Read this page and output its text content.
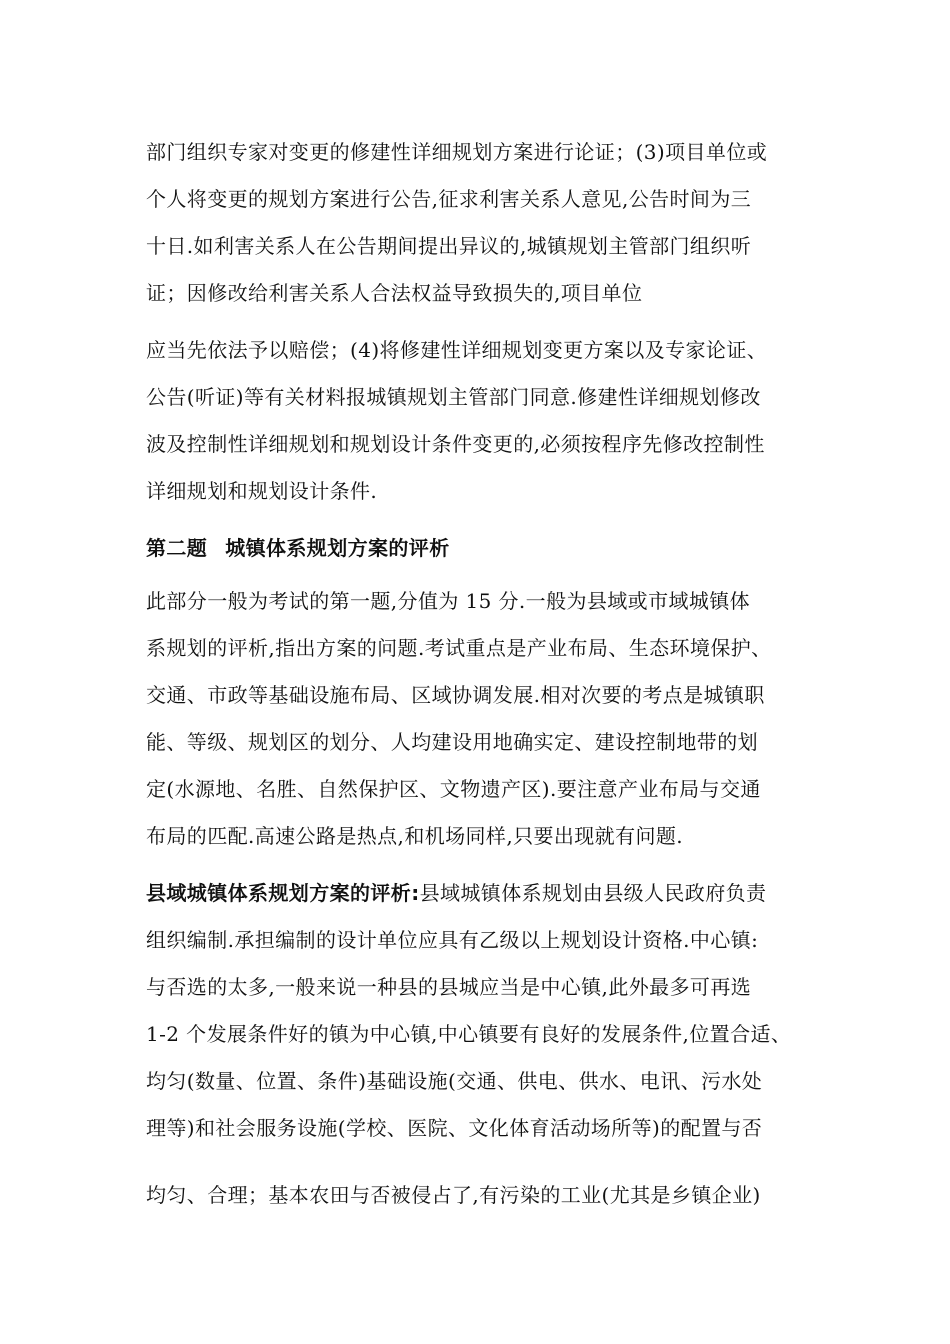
部门组织专家对变更的修建性详细规划方案进行论证；(3)项目单位或
个人将变更的规划方案进行公告,征求利害关系人意见,公告时间为三
十日.如利害关系人在公告期间提出异议的,城镇规划主管部门组织听
证；因修改给利害关系人合法权益导致损失的,项目单位
应当先依法予以赔偿；(4)将修建性详细规划变更方案以及专家论证、
公告(听证)等有关材料报城镇规划主管部门同意.修建性详细规划修改
波及控制性详细规划和规划设计条件变更的,必须按程序先修改控制性
详细规划和规划设计条件.
第二题 城镇体系规划方案的评析
此部分一般为考试的第一题,分值为 15 分.一般为县域或市域城镇体
系规划的评析,指出方案的问题.考试重点是产业布局、生态环境保护、
交通、市政等基础设施布局、区域协调发展.相对次要的考点是城镇职
能、等级、规划区的划分、人均建设用地确实定、建设控制地带的划
定(水源地、名胜、自然保护区、文物遗产区).要注意产业布局与交通
布局的匹配.高速公路是热点,和机场同样,只要出现就有问题.
县域城镇体系规划方案的评析:县域城镇体系规划由县级人民政府负责
组织编制.承担编制的设计单位应具有乙级以上规划设计资格.中心镇:
与否选的太多,一般来说一种县的县城应当是中心镇,此外最多可再选
1-2 个发展条件好的镇为中心镇,中心镇要有良好的发展条件,位置合适、
均匀(数量、位置、条件)基础设施(交通、供电、供水、电讯、污水处
理等)和社会服务设施(学校、医院、文化体育活动场所等)的配置与否
均匀、合理；基本农田与否被侵占了,有污染的工业(尤其是乡镇企业)
